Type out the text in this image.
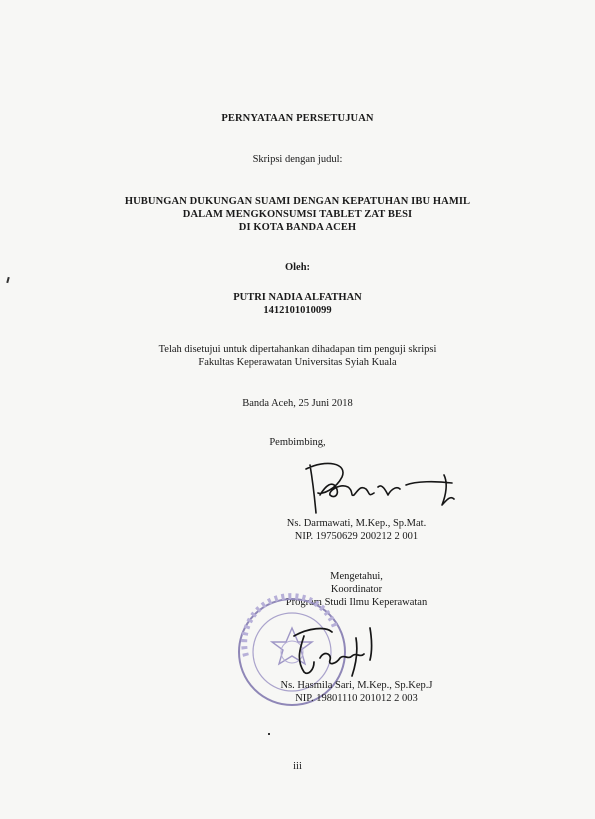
PERNYATAAN PERSETUJUAN
Skripsi dengan judul:
HUBUNGAN DUKUNGAN SUAMI DENGAN KEPATUHAN IBU HAMIL
DALAM MENGKONSUMSI TABLET ZAT BESI
DI KOTA BANDA ACEH
Oleh:
PUTRI NADIA ALFATHAN
1412101010099
Telah disetujui untuk dipertahankan dihadapan tim penguji skripsi
Fakultas Keperawatan Universitas Syiah Kuala
Banda Aceh, 25 Juni 2018
Pembimbing,
Ns. Darmawati, M.Kep., Sp.Mat.
NIP. 19750629 200212 2 001
Mengetahui,
Koordinator
Program Studi Ilmu Keperawatan
Ns. Hasmila Sari, M.Kep., Sp.Kep.J
NIP. 19801110 201012 2 003
iii
